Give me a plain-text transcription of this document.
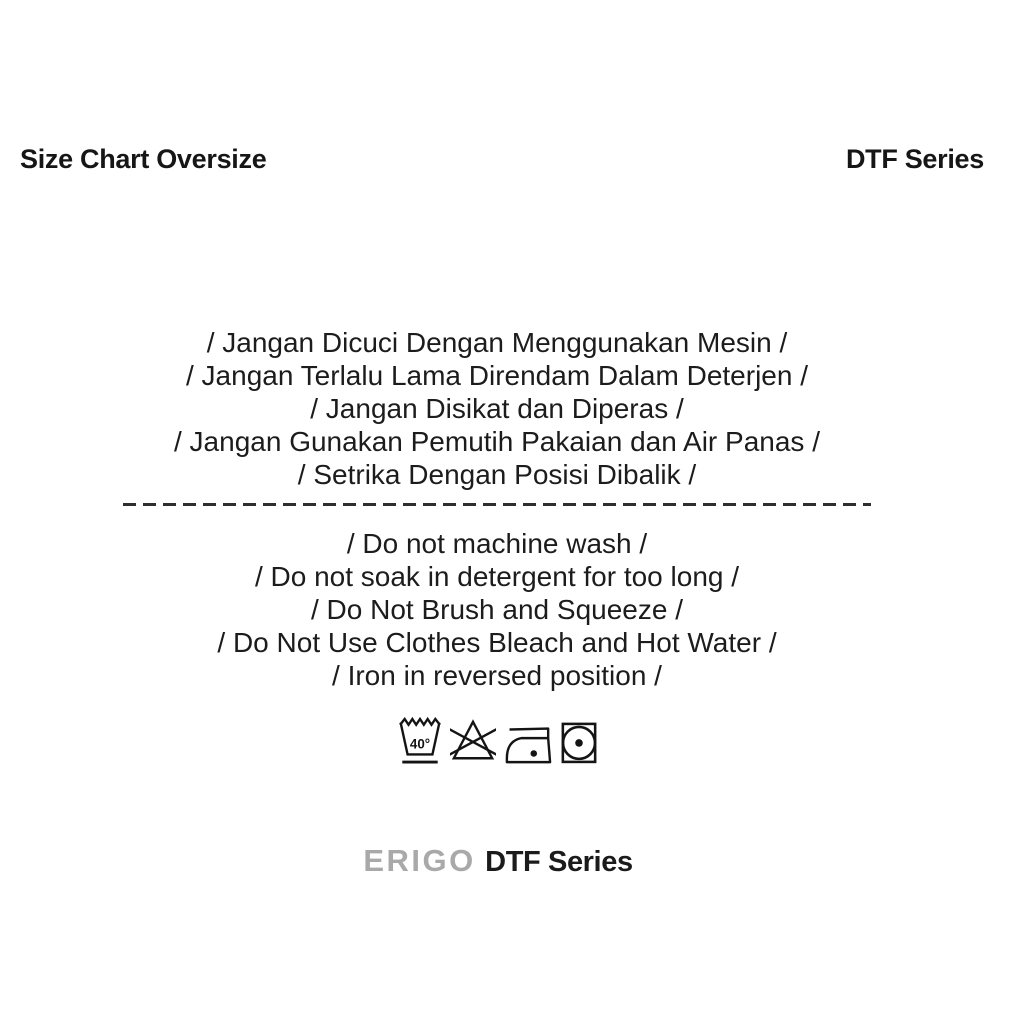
Size Chart Oversize	DTF Series

/ Jangan Dicuci Dengan Menggunakan Mesin /

/ Jangan Terlalu Lama Direndam Dalam Deterjen /

/ Jangan Disikat dan Diperas /

/ Jangan Gunakan Pemutih Pakaian dan Air Panas /

/ Setrika Dengan Posisi Dibalik /

/ Do not machine wash /

/ Do not soak in detergent for too long /

/ Do Not Brush and Squeeze /

/ Do Not Use Clothes Bleach and Hot Water /

/ Iron in reversed position /

40°
ERIGO DTF Series
